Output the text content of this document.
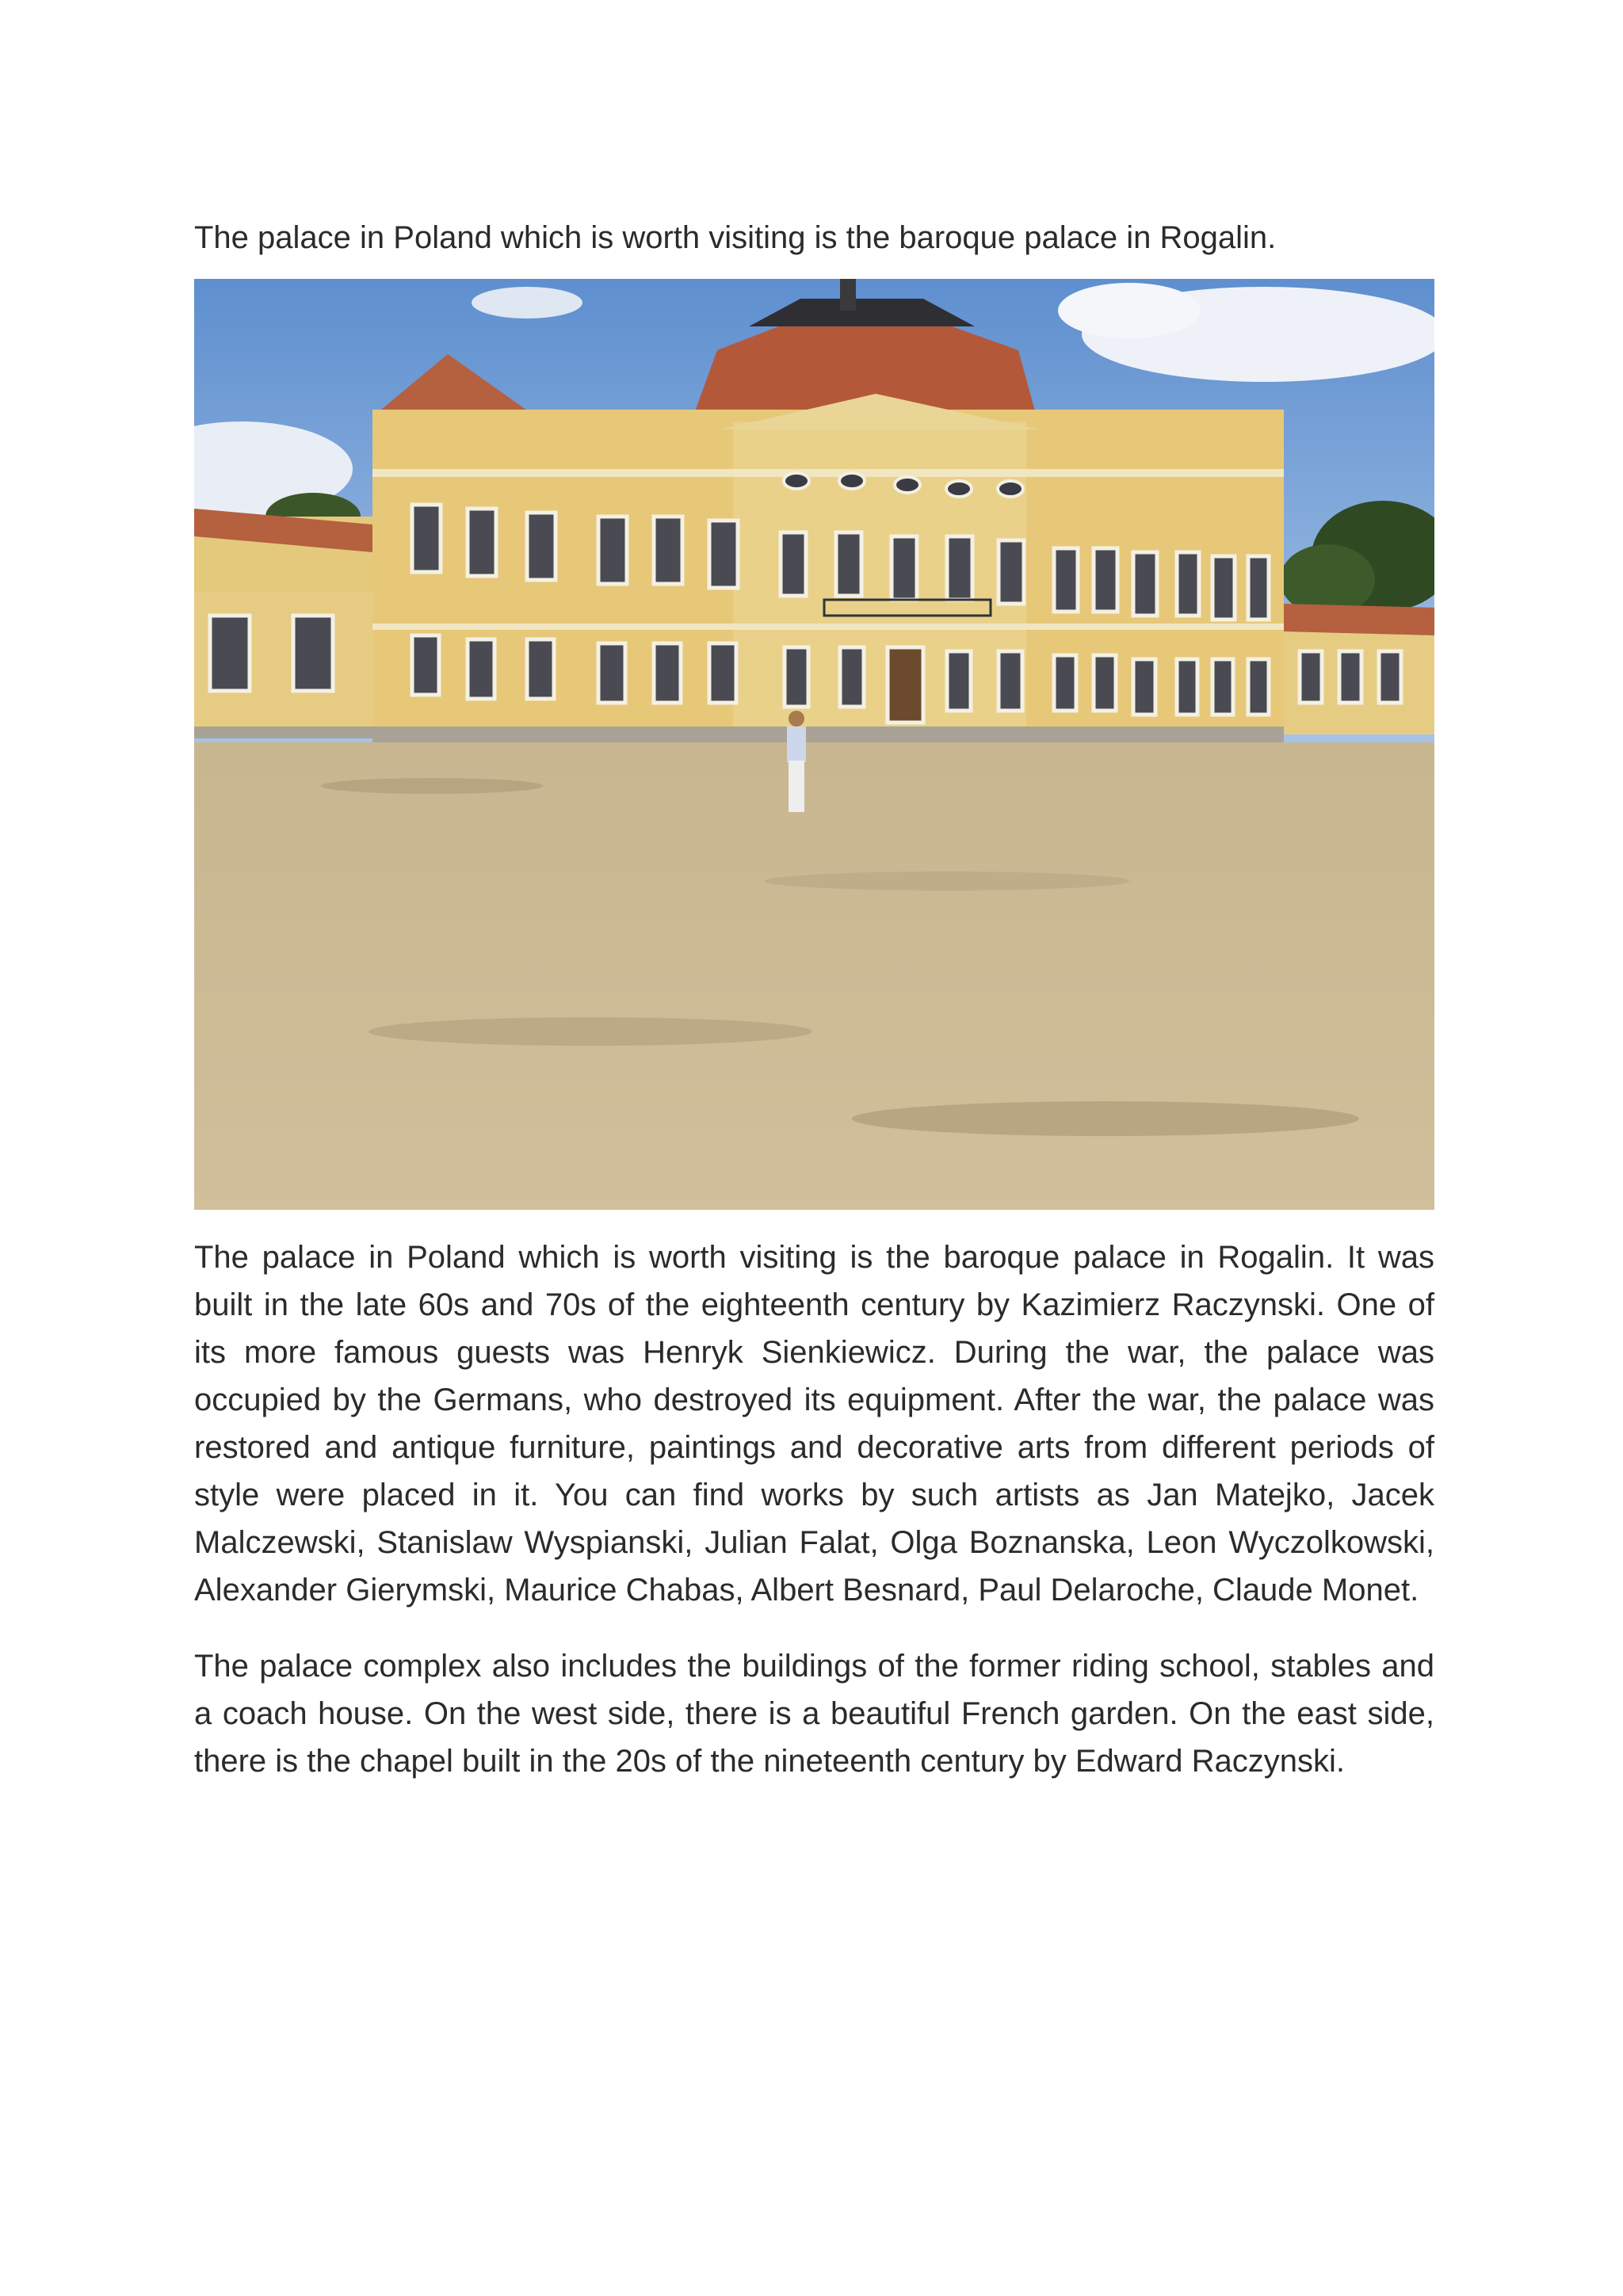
The palace in Poland which is worth visiting is the baroque palace in Rogalin.

The palace in Poland which is worth visiting is the baroque palace in Rogalin. It was built in the late 60s and 70s of the eighteenth century by Kazimierz Raczynski. One of its more famous guests was Henryk Sienkiewicz. During the war, the palace was occupied by the Germans, who destroyed its equipment. After the war, the palace was restored and antique furniture, paintings and decorative arts from different periods of style were placed in it. You can find works by such artists as Jan Matejko, Jacek Malczewski, Stanislaw Wyspianski, Julian Falat, Olga Boznanska, Leon Wyczolkowski, Alexander Gierymski, Maurice Chabas, Albert Besnard, Paul Delaroche, Claude Monet.

The palace complex also includes the buildings of the former riding school, stables and a coach house. On the west side, there is a beautiful French garden. On the east side, there is the chapel built in the 20s of the nineteenth century by Edward Raczynski.
